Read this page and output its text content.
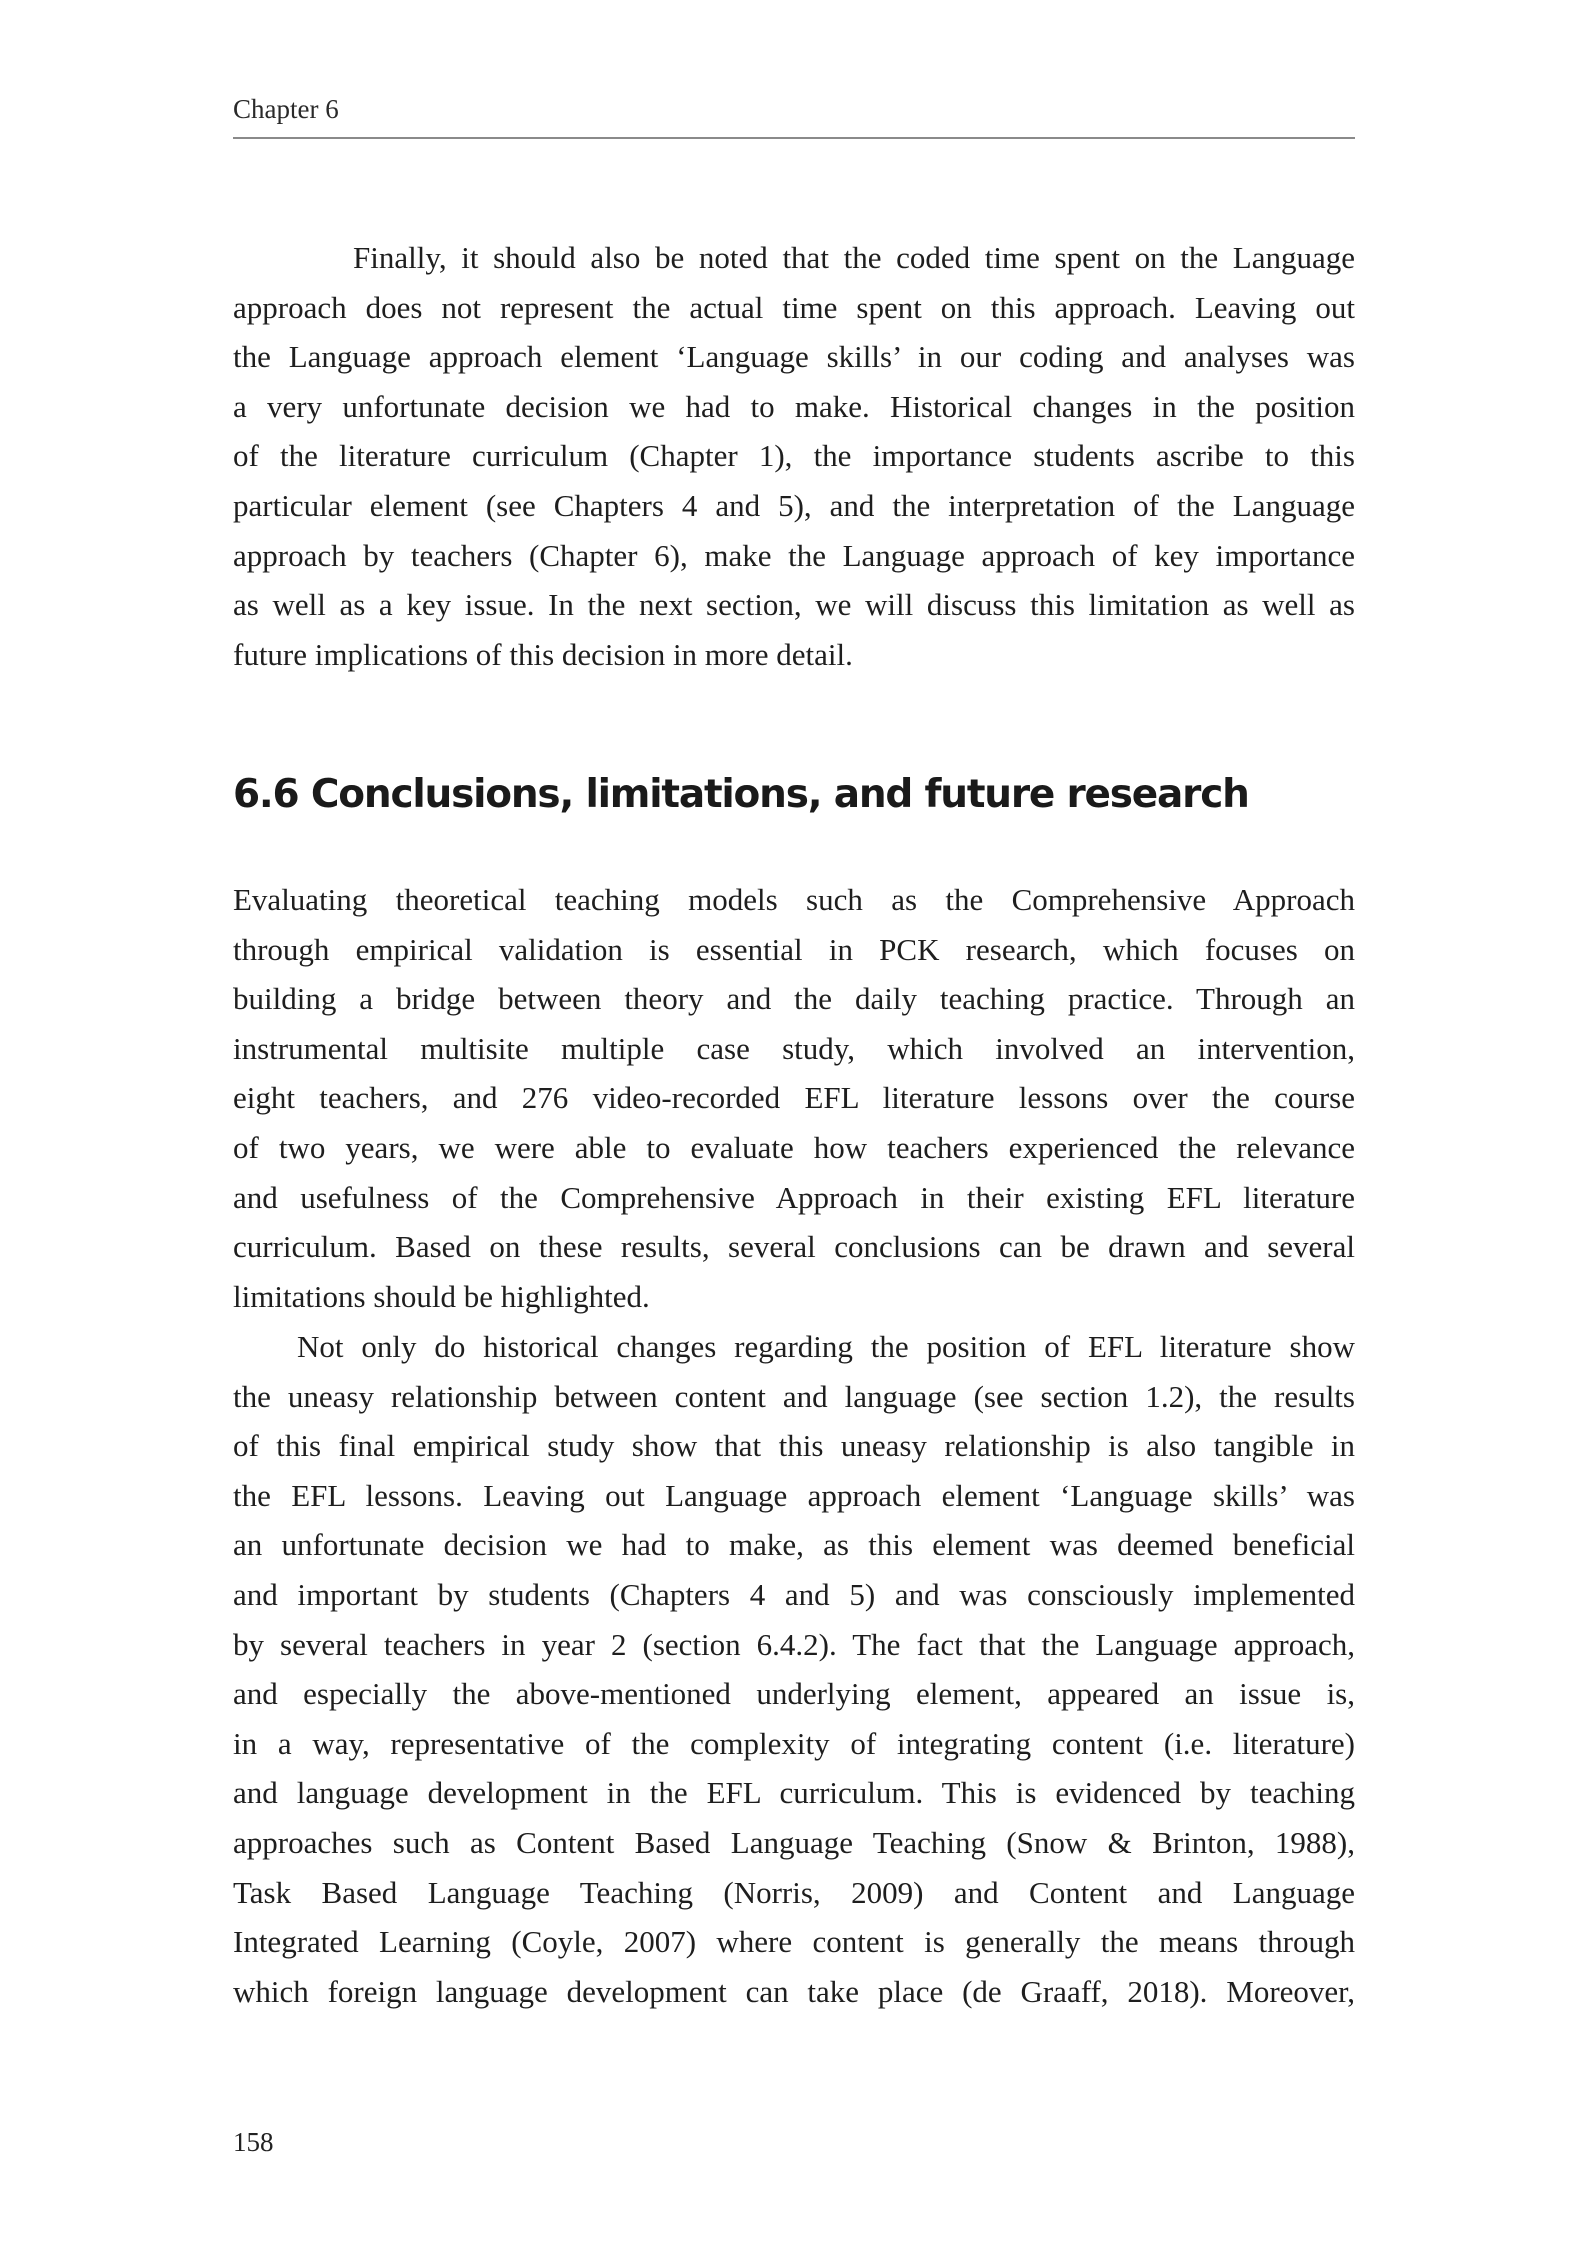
Chapter 6
Finally, it should also be noted that the coded time spent on the Language
approach does not represent the actual time spent on this approach. Leaving out
the Language approach element ‘Language skills’ in our coding and analyses was
a very unfortunate decision we had to make. Historical changes in the position
of the literature curriculum (Chapter 1), the importance students ascribe to this
particular element (see Chapters 4 and 5), and the interpretation of the Language
approach by teachers (Chapter 6), make the Language approach of key importance
as well as a key issue. In the next section, we will discuss this limitation as well as
future implications of this decision in more detail.
6.6 Conclusions, limitations, and future research
Evaluating theoretical teaching models such as the Comprehensive Approach
through empirical validation is essential in PCK research, which focuses on
building a bridge between theory and the daily teaching practice. Through an
instrumental multisite multiple case study, which involved an intervention,
eight teachers, and 276 video-recorded EFL literature lessons over the course
of two years, we were able to evaluate how teachers experienced the relevance
and usefulness of the Comprehensive Approach in their existing EFL literature
curriculum. Based on these results, several conclusions can be drawn and several
limitations should be highlighted.
Not only do historical changes regarding the position of EFL literature show
the uneasy relationship between content and language (see section 1.2), the results
of this final empirical study show that this uneasy relationship is also tangible in
the EFL lessons. Leaving out Language approach element ‘Language skills’ was
an unfortunate decision we had to make, as this element was deemed beneficial
and important by students (Chapters 4 and 5) and was consciously implemented
by several teachers in year 2 (section 6.4.2). The fact that the Language approach,
and especially the above-mentioned underlying element, appeared an issue is,
in a way, representative of the complexity of integrating content (i.e. literature)
and language development in the EFL curriculum. This is evidenced by teaching
approaches such as Content Based Language Teaching (Snow & Brinton, 1988),
Task Based Language Teaching (Norris, 2009) and Content and Language
Integrated Learning (Coyle, 2007) where content is generally the means through
which foreign language development can take place (de Graaff, 2018). Moreover,
158
